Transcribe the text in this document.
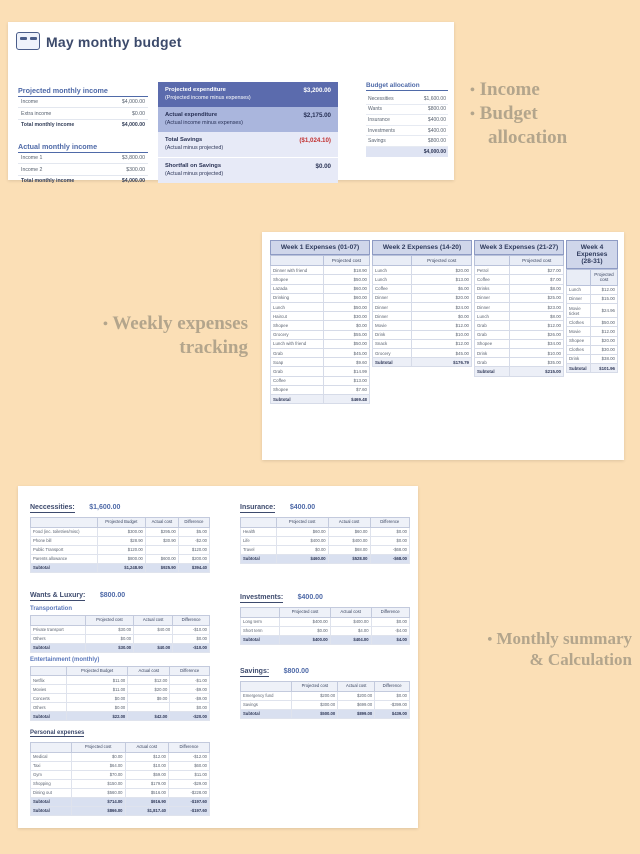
May monthy budget
Projected monthly income
Income	$4,000.00
Extra income	$0.00
Total monthly income	$4,000.00
Actual monthly income
Income 1	$3,800.00
Income 2	$300.00
Total monthly income	$4,000.00
Projected expenditure
(Projected income minus expenses)
$3,200.00
Actual expenditure
(Actual income minus expenses)
$2,175.00
Total Savings
(Actual minus projected)
($1,024.10)
Shortfall on Savings
(Actual minus projected)
$0.00
Budget allocation
Necessities	$1,600.00
Wants	$800.00
Insurance	$400.00
Investments	$400.00
Savings	$800.00
	$4,000.00
• Income
• Budget
allocation
• Weekly expenses
tracking
• Monthly summary
& Calculation
Week 1 Expenses (01-07)
	Projected cost
Dinner with friend	$18.90
Shopee	$50.00
Lazada	$60.00
Drinking	$60.00
Lunch	$50.00
Haircut	$30.00
Shopee	$0.00
Grocery	$55.00
Lunch with friend	$50.00
Grab	$45.00
Soap	$9.60
Grab	$14.99
Coffee	$13.00
Shopee	$7.60
Subtotal	$469.48
Week 2 Expenses (14-20)
	Projected cost
Lunch	$20.00
Lunch	$13.00
Coffee	$6.00
Dinner	$20.00
Dinner	$24.00
Dinner	$0.00
Movie	$12.00
Drink	$10.00
Snack	$12.00
Grocery	$45.00
Subtotal	$176.79
Week 3 Expenses (21-27)
	Projected cost
Petrol	$27.00
Coffee	$7.00
Drinks	$8.00
Dinner	$25.00
Dinner	$23.00
Lunch	$8.00
Grab	$12.00
Grab	$26.00
Shopee	$34.00
Drink	$10.00
Grab	$35.00
Subtotal	$215.00
Week 4 Expenses (28-31)
	Projected cost
Lunch	$12.00
Dinner	$15.00
Movie ticket	$24.96
Clothes	$50.00
Movie	$12.00
Shopee	$20.00
Clothes	$30.00
Drink	$38.00
Subtotal	$101.96
Neccessities: $1,600.00
	Projected Budget	Actual cost	Difference
Food (inc. toiletries/misc)	$300.00	$295.00	$5.00
Phone bill	$28.90	$30.90	-$2.00
Public Transport	$120.00		$120.00
Parents allowance	$800.00	$600.00	$200.00
Subtotal	$1,248.90	$925.90	$394.40
Wants & Luxury: $800.00
Transportation
	Projected cost	Actual cost	Difference
Private transport	$30.00	$40.00	-$10.00
Others	$0.00		$0.00
Subtotal	$30.00	$40.00	-$10.00
Entertainment (monthly)
	Projected Budget	Actual cost	Difference
Netflix	$11.00	$12.00	-$1.00
Movies	$11.00	$20.00	-$9.00
Concerts	$0.00	$9.00	-$9.00
Others	$0.00		$0.00
Subtotal	$22.00	$42.00	-$20.00
Personal expenses
	Projected cost	Actual cost	Difference
Medical	$0.00	$12.00	-$12.00
Taxi	$64.00	$10.00	$60.00
Gym	$70.00	$59.00	$11.00
Shopping	$150.00	$179.00	-$29.00
Dining out	$560.00	$516.00	-$228.00
Subtotal	$714.00	$916.90	-$197.60
Subtotal	$866.00	$1,817.40	-$197.60
Insurance: $400.00
	Projected cost	Actual cost	Difference
Health	$60.00	$60.00	$0.00
Life	$400.00	$400.00	$0.00
Travel	$0.00	$68.00	-$68.00
Subtotal	$460.00	$528.00	-$68.00
Investments: $400.00
	Projected cost	Actual cost	Difference
Long term	$400.00	$400.00	$0.00
Short term	$0.00	$4.00	-$4.00
Subtotal	$400.00	$404.00	$4.00
Savings: $800.00
	Projected cost	Actual cost	Difference
Emergency fund	$200.00	$200.00	$0.00
Savings	$300.00	$699.00	-$399.00
Subtotal	$500.00	$899.00	$439.00
